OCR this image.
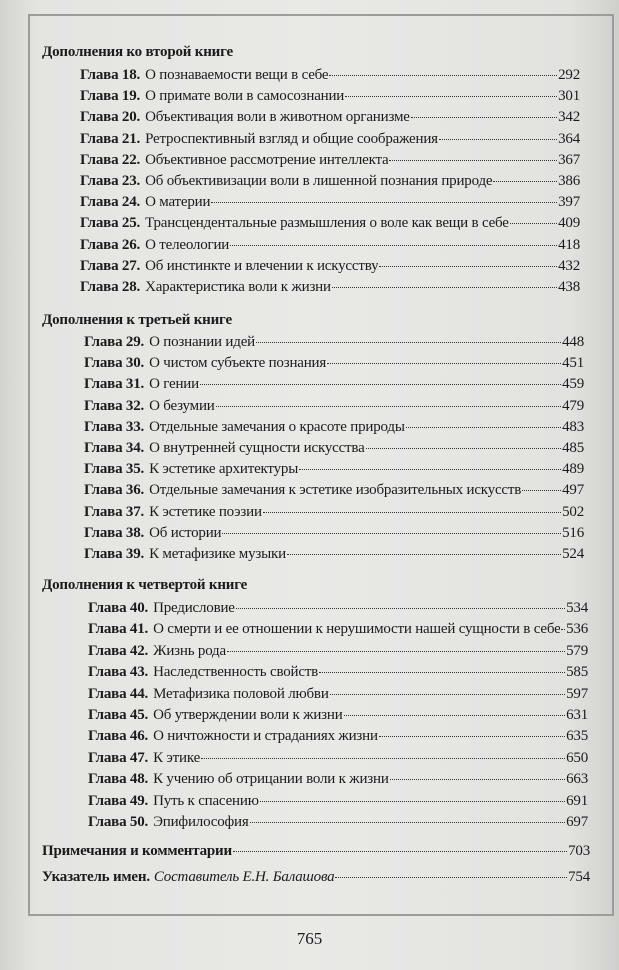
Дополнения ко второй книге
Глава 18. О познаваемости вещи в себе	292
Глава 19. О примате воли в самосознании	301
Глава 20. Объективация воли в животном организме	342
Глава 21. Ретроспективный взгляд и общие соображения	364
Глава 22. Объективное рассмотрение интеллекта	367
Глава 23. Об объективизации воли в лишенной познания природе	386
Глава 24. О материи	397
Глава 25. Трансцендентальные размышления о воле как вещи в себе	409
Глава 26. О телеологии	418
Глава 27. Об инстинкте и влечении к искусству	432
Глава 28. Характеристика воли к жизни	438
Дополнения к третьей книге
Глава 29. О познании идей	448
Глава 30. О чистом субъекте познания	451
Глава 31. О гении	459
Глава 32. О безумии	479
Глава 33. Отдельные замечания о красоте природы	483
Глава 34. О внутренней сущности искусства	485
Глава 35. К эстетике архитектуры	489
Глава 36. Отдельные замечания к эстетике изобразительных искусств	497
Глава 37. К эстетике поэзии	502
Глава 38. Об истории	516
Глава 39. К метафизике музыки	524
Дополнения к четвертой книге
Глава 40. Предисловие	534
Глава 41. О смерти и ее отношении к нерушимости нашей сущности в себе 536
Глава 42. Жизнь рода	579
Глава 43. Наследственность свойств	585
Глава 44. Метафизика половой любви	597
Глава 45. Об утверждении воли к жизни	631
Глава 46. О ничтожности и страданиях жизни	635
Глава 47. К этике	650
Глава 48. К учению об отрицании воли к жизни	663
Глава 49. Путь к спасению	691
Глава 50. Эпифилософия	697
Примечания и комментарии	703
Указатель имен. Составитель Е.Н. Балашова	754
765
